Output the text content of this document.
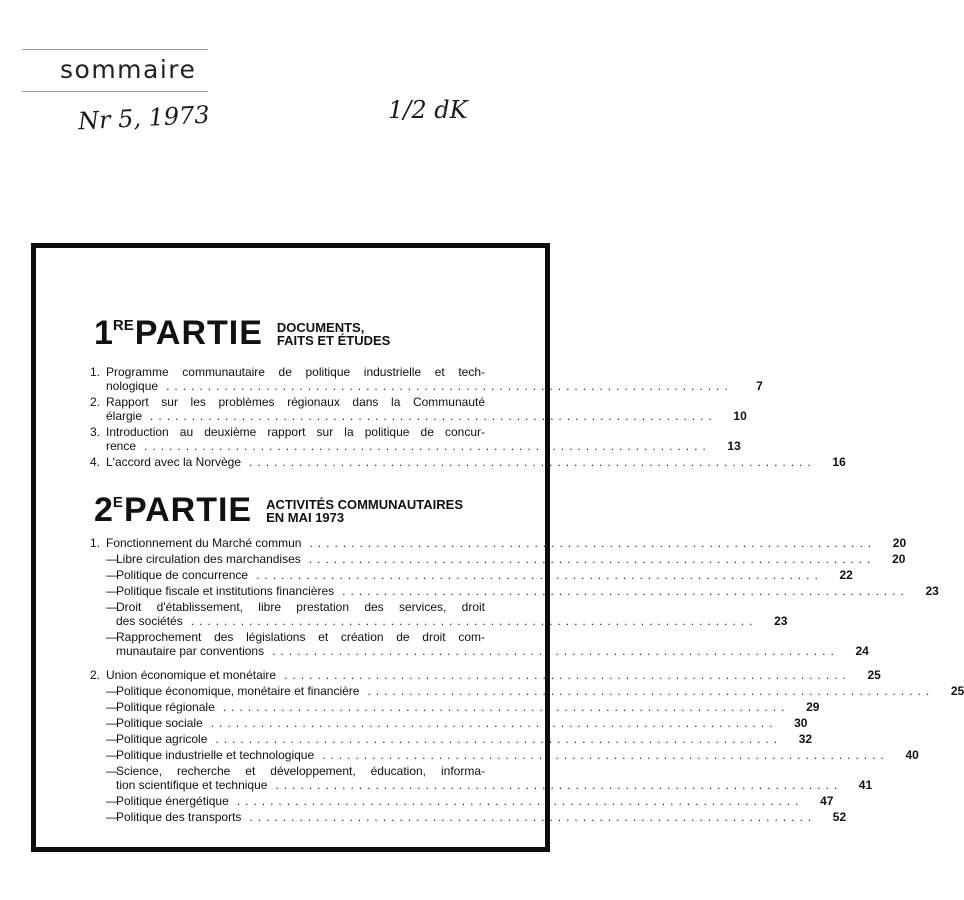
sommaire
Nr 5, 1973	1/2 dK
1 RE PARTIE DOCUMENTS,
FAITS ET ÉTUDES
1. Programme communautaire de politique industrielle et tech-
nologique ....................................................................	7
2. Rapport sur les problèmes régionaux dans la Communauté
élargie ....................................................................	10
3. Introduction au deuxième rapport sur la politique de concur-
rence ....................................................................	13
4. L'accord avec la Norvège ....................................................................	16
2 E PARTIE ACTIVITÉS COMMUNAUTAIRES
EN MAI 1973
1. Fonctionnement du Marché commun ....................................................................	20
—
Libre circulation des marchandises ....................................................................	20
—
Politique de concurrence ....................................................................	22
—
Politique fiscale et institutions financières ....................................................................	23
—
Droit d'établissement, libre prestation des services, droit
des sociétés ....................................................................	23
—
Rapprochement des législations et création de droit com-
munautaire par conventions ....................................................................	24
2. Union économique et monétaire ....................................................................	25
—
Politique économique, monétaire et financière ....................................................................	25
—
Politique régionale ....................................................................	29
—
Politique sociale ....................................................................	30
—
Politique agricole ....................................................................	32
—
Politique industrielle et technologique ....................................................................	40
—
Science, recherche et développement, éducation, informa-
tion scientifique et technique ....................................................................	41
—
Politique énergétique ....................................................................	47
—
Politique des transports ....................................................................	52
